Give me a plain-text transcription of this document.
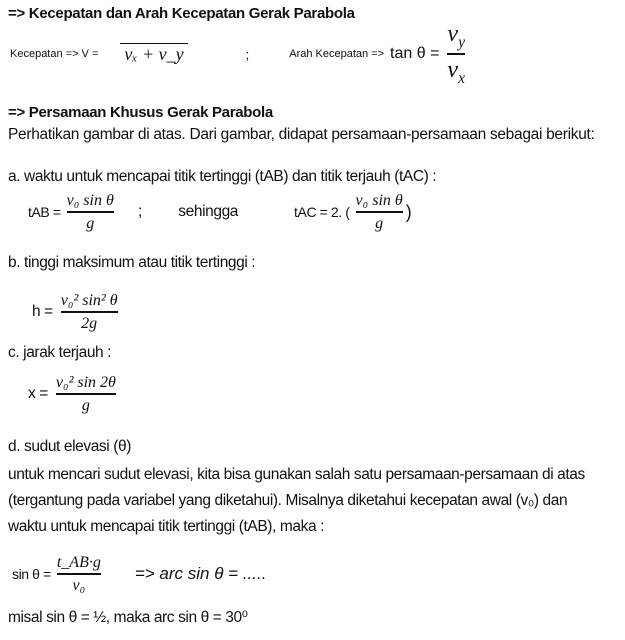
=> Kecepatan dan Arah Kecepatan Gerak Parabola
Kecepatan => V = vₓ + v_y	;	Arah Kecepatan => $\tan \theta = \frac{v_y}{v_x}$
=> Persamaan Khusus Gerak Parabola
Perhatikan gambar di atas. Dari gambar, didapat persamaan-persamaan sebagai berikut:
a. waktu untuk mencapai titik tertinggi (tAB) dan titik terjauh (tAC) :
tAB = $\frac{\text{v₀ sin θ}}{g}$ ; sehingga	tAC = 2. ( $\frac{\text{v₀ sin θ}}{g}$ )
b. tinggi maksimum atau titik tertinggi :
$h = \frac{\text{v₀² sin² θ}}{2g}$
c. jarak terjauh :
$x = \frac{\text{v₀² sin 2θ}}{g}$
d. sudut elevasi (θ)
untuk mencari sudut elevasi, kita bisa gunakan salah satu persamaan-persamaan di atas
(tergantung pada variabel yang diketahui). Misalnya diketahui kecepatan awal (v₀) dan
waktu untuk mencapai titik tertinggi (tAB), maka :
$\sin \theta = \frac{t\_AB\cdot g}{\text{v₀}}$ => arc sin θ = .....
misal sin θ = ½, maka arc sin θ = 30⁰
